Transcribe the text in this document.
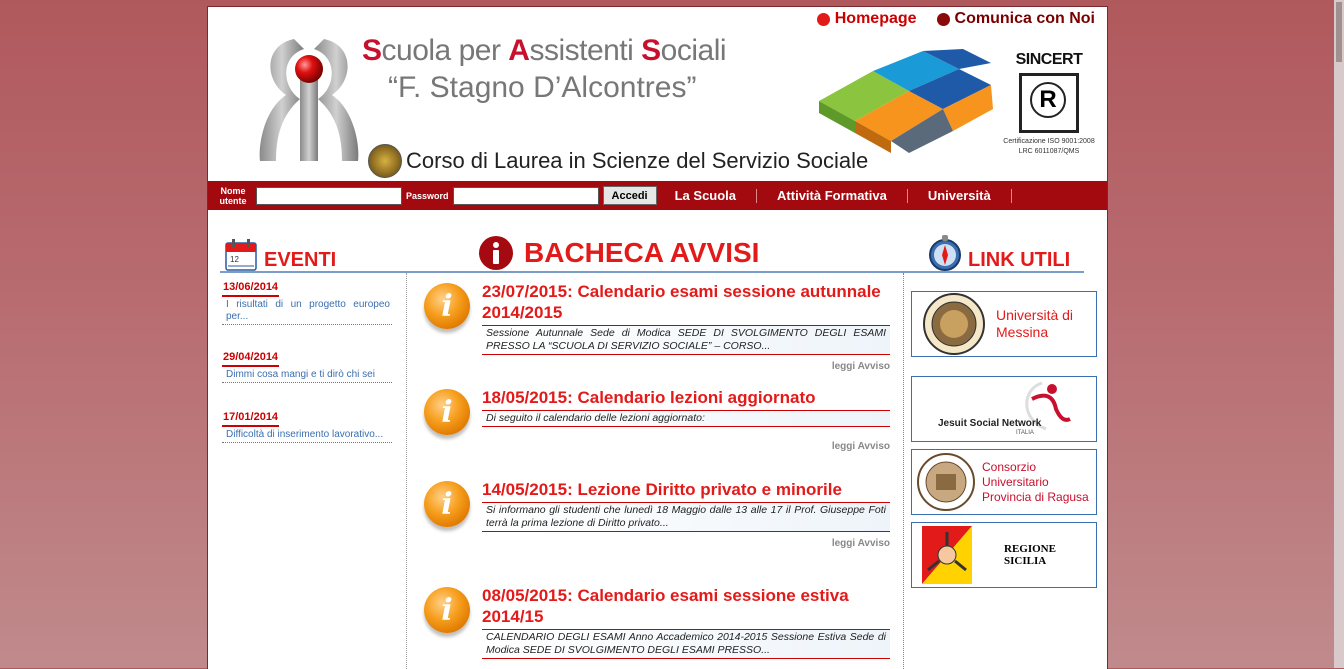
Homepage Comunica con Noi
Scuola per Assistenti Sociali
“F. Stagno D’Alcontres”
Corso di Laurea in Scienze del Servizio Sociale
SINCERT
R
Certificazione ISO 9001:2008
LRC 6011087/QMS
Nome utente	Password	Accedi	La Scuola	Attività Formativa	Università
12 EVENTI	BACHECA AVVISI	LINK UTILI
13/06/2014
I risultati di un progetto europeo per...
29/04/2014
Dimmi cosa mangi e ti dirò chi sei
17/01/2014
Difficoltà di inserimento lavorativo...
i 23/07/2015: Calendario esami sessione autunnale 2014/2015
Sessione Autunnale Sede di Modica SEDE DI SVOLGIMENTO DEGLI ESAMI PRESSO LA “SCUOLA DI SERVIZIO SOCIALE” – CORSO...
leggi Avviso
i 18/05/2015: Calendario lezioni aggiornato
Di seguito il calendario delle lezioni aggiornato:
leggi Avviso
i 14/05/2015: Lezione Diritto privato e minorile
Si informano gli studenti che lunedì 18 Maggio dalle 13 alle 17 il Prof. Giuseppe Foti terrà la prima lezione di Diritto privato...
leggi Avviso
i 08/05/2015: Calendario esami sessione estiva 2014/15
CALENDARIO DEGLI ESAMI Anno Accademico 2014-2015 Sessione Estiva Sede di Modica SEDE DI SVOLGIMENTO DEGLI ESAMI PRESSO...
Università di Messina
Jesuit Social Network
ITALIA
Consorzio Universitario Provincia di Ragusa
REGIONE SICILIA
